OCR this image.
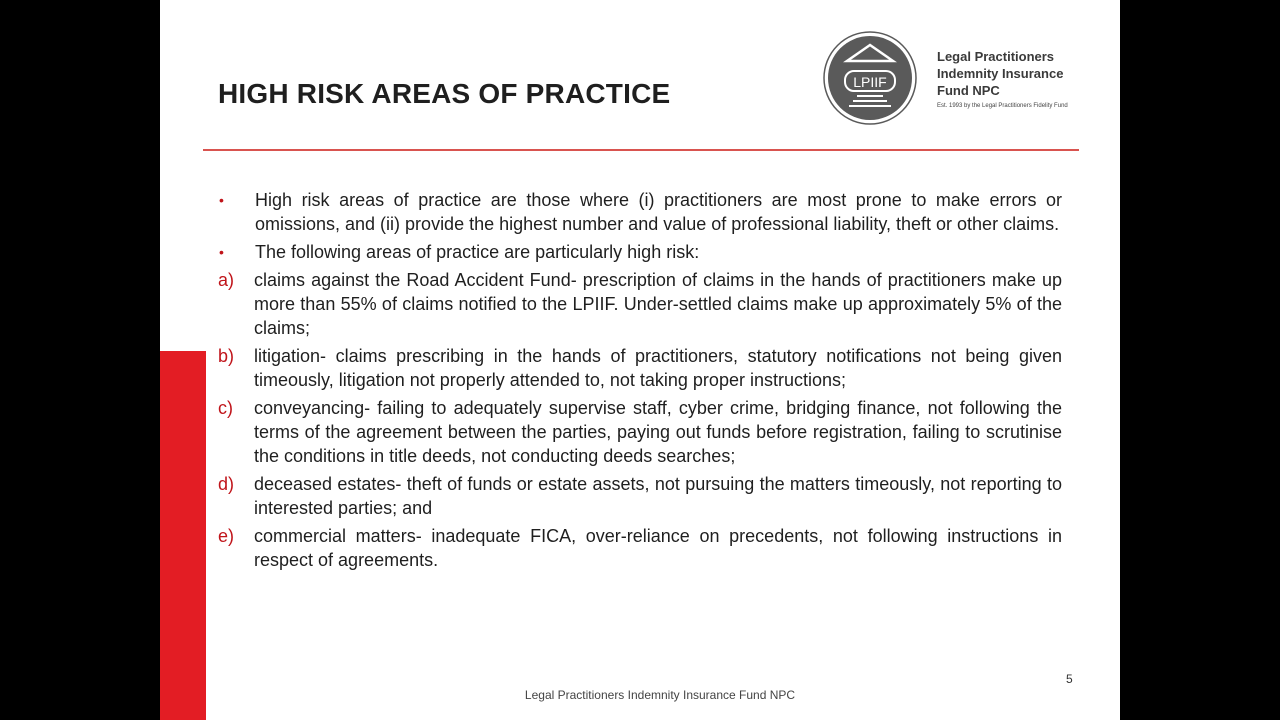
HIGH RISK AREAS OF PRACTICE	LPIIF
Legal Practitioners
Indemnity Insurance
Fund NPC
Est. 1993 by the Legal Practitioners Fidelity Fund
•	High risk areas of practice are those where (i) practitioners are most prone to make errors or omissions, and (ii) provide the highest number and value of professional liability, theft or other claims.
•	The following areas of practice are particularly high risk:
a)	claims against the Road Accident Fund- prescription of claims in the hands of practitioners make up more than 55% of claims notified to the LPIIF. Under-settled claims make up approximately 5% of the claims;
b)	litigation- claims prescribing in the hands of practitioners, statutory notifications not being given timeously, litigation not properly attended to, not taking proper instructions;
c)	conveyancing- failing to adequately supervise staff, cyber crime, bridging finance, not following the terms of the agreement between the parties, paying out funds before registration, failing to scrutinise the conditions in title deeds, not conducting deeds searches;
d)	deceased estates- theft of funds or estate assets, not pursuing the matters timeously, not reporting to interested parties; and
e)	commercial matters- inadequate FICA, over-reliance on precedents, not following instructions in respect of agreements.
5
Legal Practitioners Indemnity Insurance Fund NPC
